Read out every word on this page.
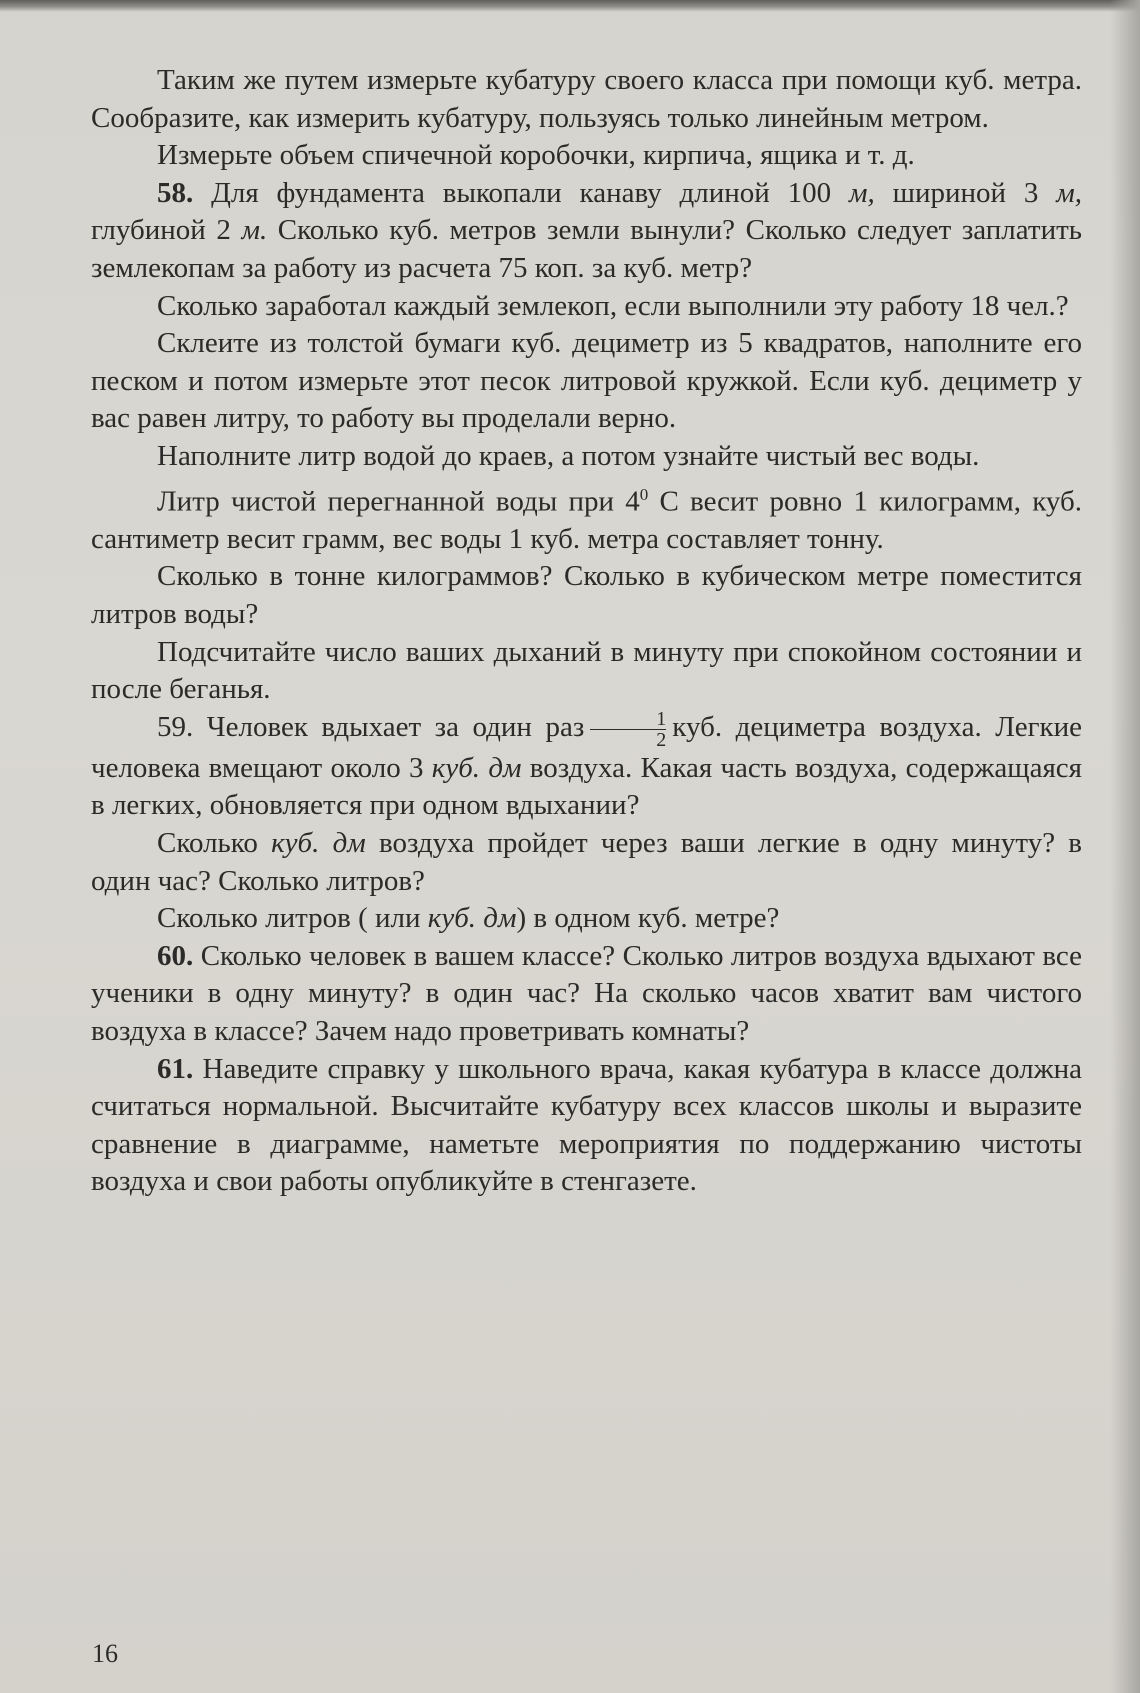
Таким же путем измерьте кубатуру своего класса при помощи куб. метра. Сообразите, как измерить кубатуру, пользуясь только линейным метром.

Измерьте объем спичечной коробочки, кирпича, ящика и т. д.

58. Для фундамента выкопали канаву длиной 100 м, шириной 3 м, глубиной 2 м. Сколько куб. метров земли вынули? Сколько следует заплатить землекопам за работу из расчета 75 коп. за куб. метр?

Сколько заработал каждый землекоп, если выполнили эту работу 18 чел.?

Склеите из толстой бумаги куб. дециметр из 5 квадратов, наполните его песком и потом измерьте этот песок литровой кружкой. Если куб. дециметр у вас равен литру, то работу вы проделали верно.

Наполните литр водой до краев, а потом узнайте чистый вес воды.

Литр чистой перегнанной воды при $4^0$ С весит ровно 1 килограмм, куб. сантиметр весит грамм, вес воды 1 куб. метра составляет тонну.

Сколько в тонне килограммов? Сколько в кубическом метре поместится литров воды?

Подсчитайте число ваших дыханий в минуту при спокойном состоянии и после беганья.

59. Человек вдыхает за один раз $\frac{1}{2}$ куб. дециметра воздуха. Легкие человека вмещают около 3 куб. дм воздуха. Какая часть воздуха, содержащаяся в легких, обновляется при одном вдыхании?

Сколько куб. дм воздуха пройдет через ваши легкие в одну минуту? в один час? Сколько литров?

Сколько литров ( или куб. дм) в одном куб. метре?

60. Сколько человек в вашем классе? Сколько литров воздуха вдыхают все ученики в одну минуту? в один час? На сколько часов хватит вам чистого воздуха в классе? Зачем надо проветривать комнаты?

61. Наведите справку у школьного врача, какая кубатура в классе должна считаться нормальной. Высчитайте кубатуру всех классов школы и выразите сравнение в диаграмме, наметьте мероприятия по поддержанию чистоты воздуха и свои работы опубликуйте в стенгазете.

16
